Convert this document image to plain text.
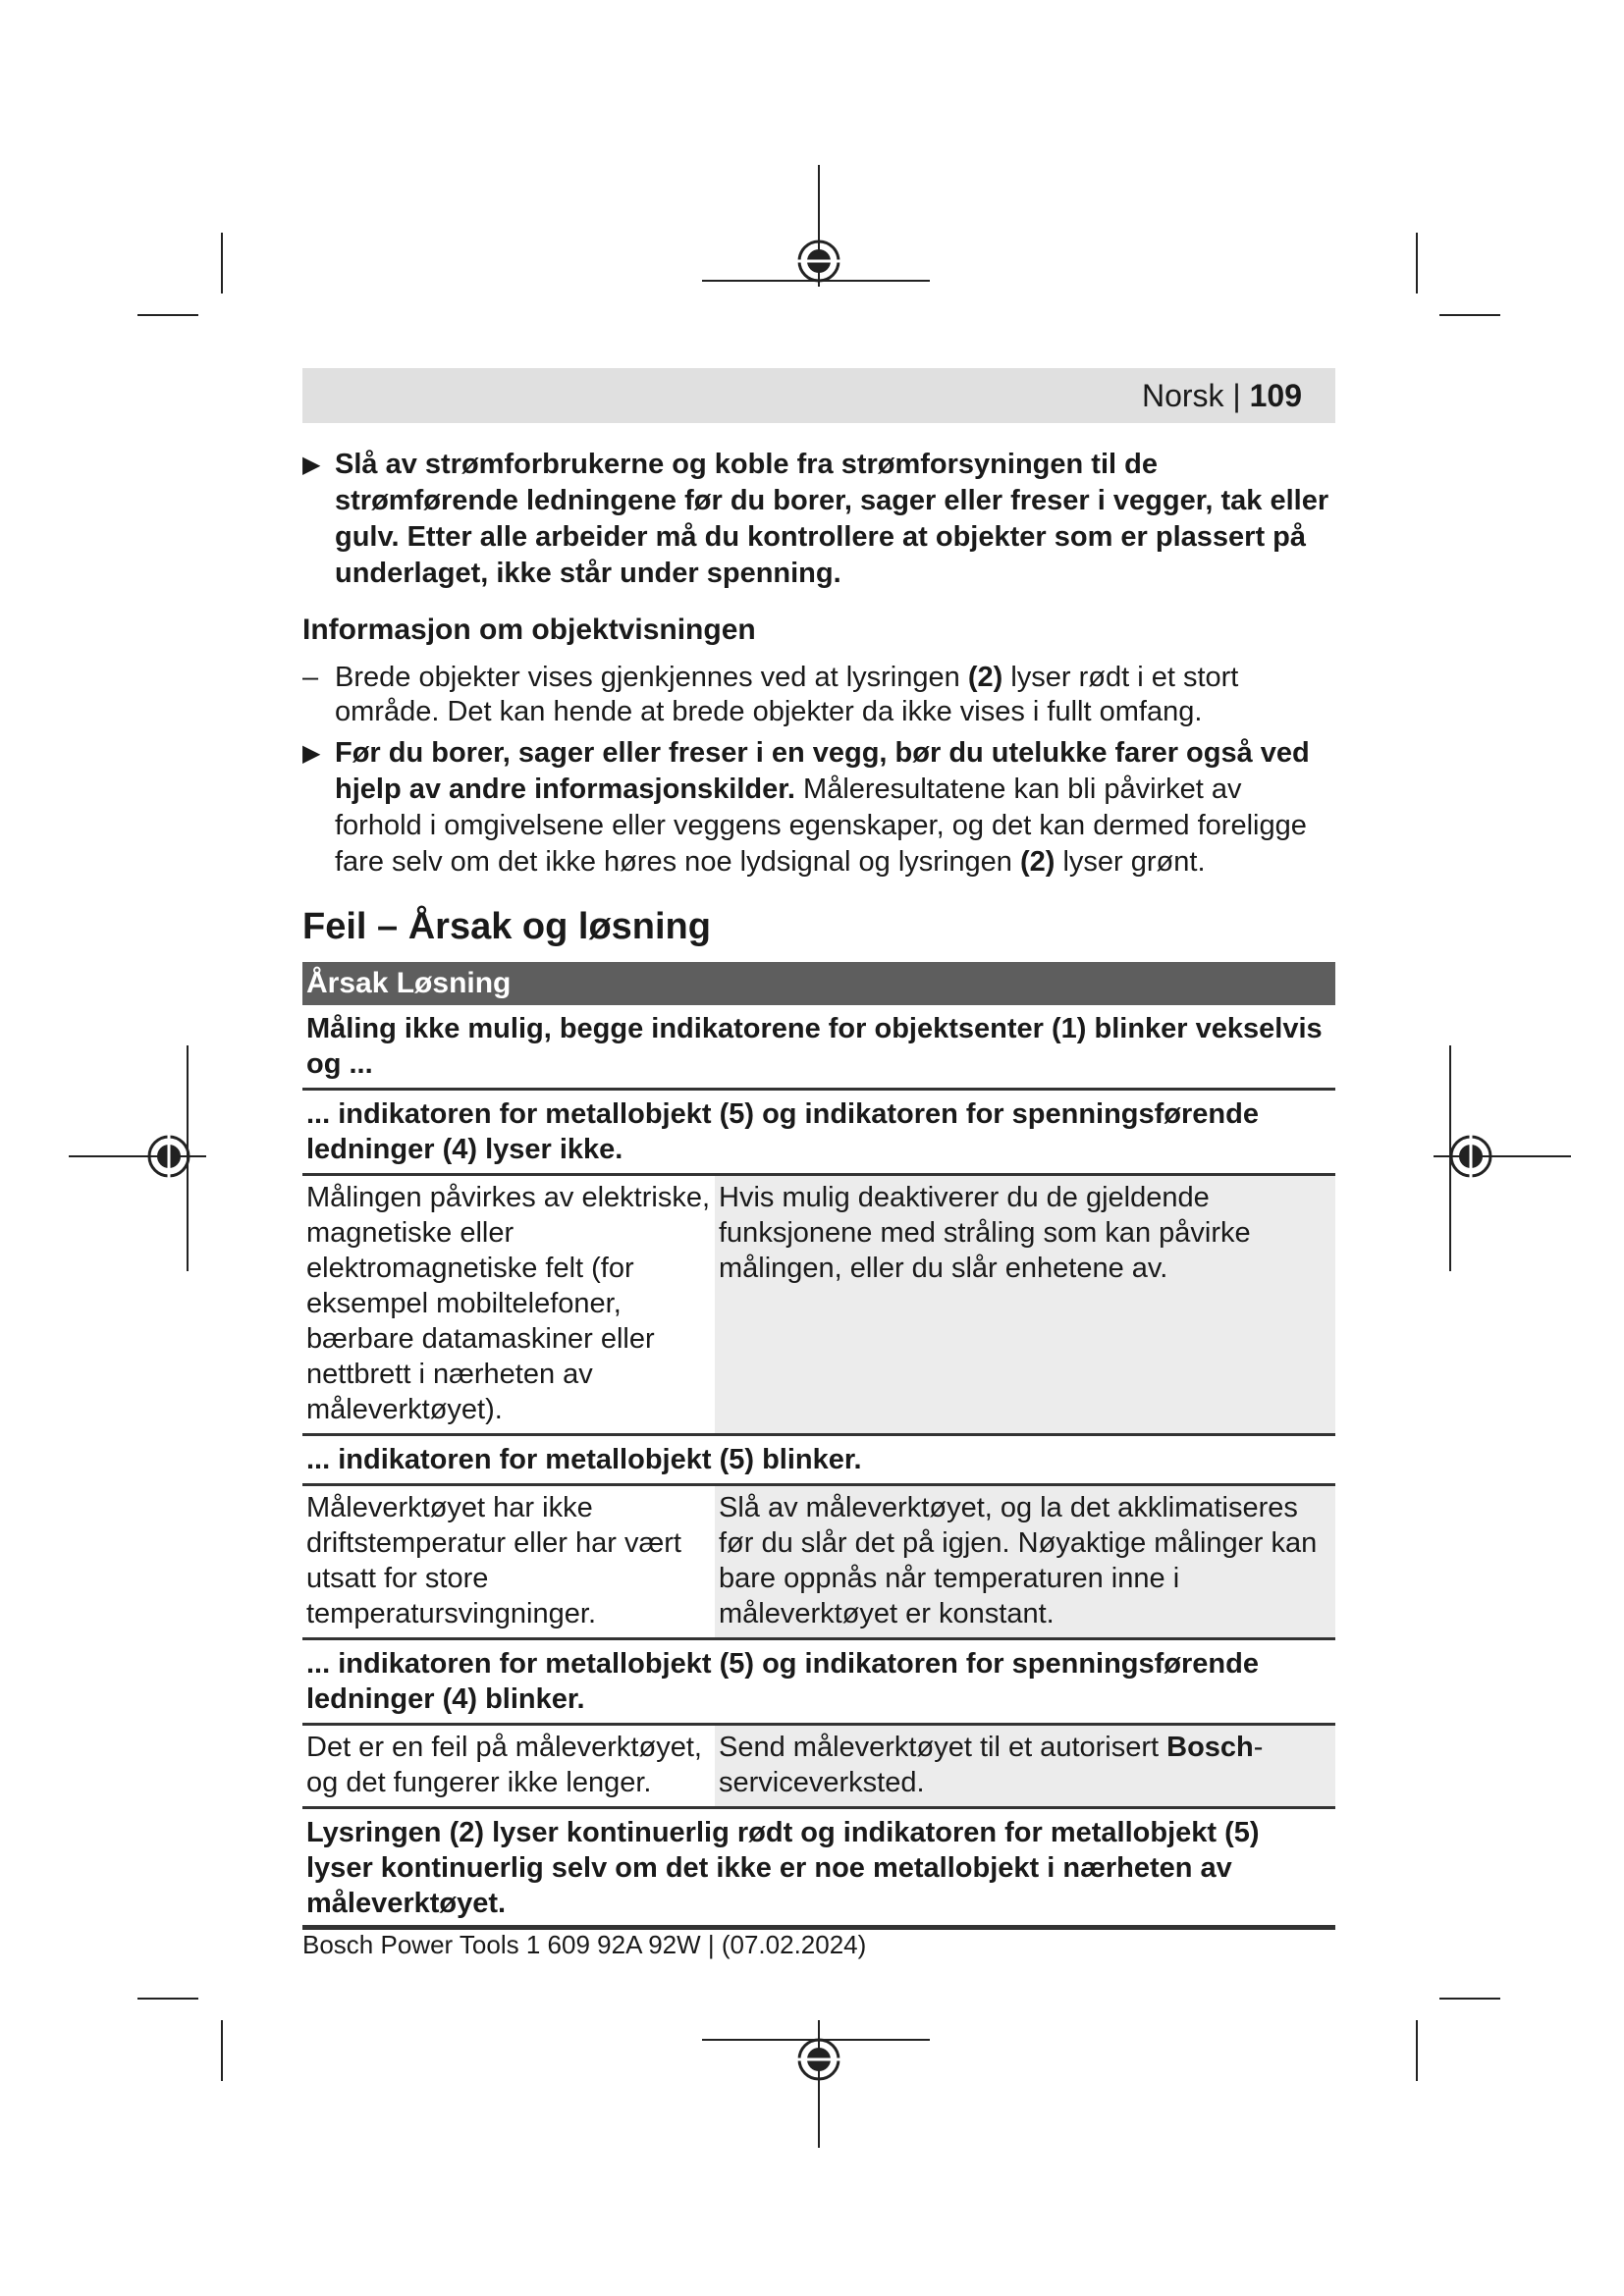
Norsk | 109
▶ Slå av strømforbrukerne og koble fra strømforsyningen til de strømførende ledningene før du borer, sager eller freser i vegger, tak eller gulv. Etter alle arbeider må du kontrollere at objekter som er plassert på underlaget, ikke står under spenning.
Informasjon om objektvisningen
– Brede objekter vises gjenkjennes ved at lysringen (2) lyser rødt i et stort område. Det kan hende at brede objekter da ikke vises i fullt omfang.
▶ Før du borer, sager eller freser i en vegg, bør du utelukke farer også ved hjelp av andre informasjonskilder. Måleresultatene kan bli påvirket av forhold i omgivelsene eller veggens egenskaper, og det kan dermed foreligge fare selv om det ikke høres noe lydsignal og lysringen (2) lyser grønt.
Feil – Årsak og løsning
Årsak Løsning	
Måling ikke mulig, begge indikatorene for objektsenter (1) blinker vekselvis og ...	
... indikatoren for metallobjekt (5) og indikatoren for spenningsførende ledninger (4) lyser ikke.	
Målingen påvirkes av elektriske, magnetiske eller elektromagnetiske felt (for eksempel mobiltelefoner, bærbare datamaskiner eller nettbrett i nærheten av måleverktøyet).	Hvis mulig deaktiverer du de gjeldende funksjonene med stråling som kan påvirke målingen, eller du slår enhetene av.
... indikatoren for metallobjekt (5) blinker.	
Måleverktøyet har ikke driftstemperatur eller har vært utsatt for store temperatursvingninger.	Slå av måleverktøyet, og la det akklimatiseres før du slår det på igjen. Nøyaktige målinger kan bare oppnås når temperaturen inne i måleverktøyet er konstant.
... indikatoren for metallobjekt (5) og indikatoren for spenningsførende ledninger (4) blinker.	
Det er en feil på måleverktøyet, og det fungerer ikke lenger.	Send måleverktøyet til et autorisert Bosch-serviceverksted.
Lysringen (2) lyser kontinuerlig rødt og indikatoren for metallobjekt (5) lyser kontinuerlig selv om det ikke er noe metallobjekt i nærheten av måleverktøyet.	
Bosch Power Tools 1 609 92A 92W | (07.02.2024)
